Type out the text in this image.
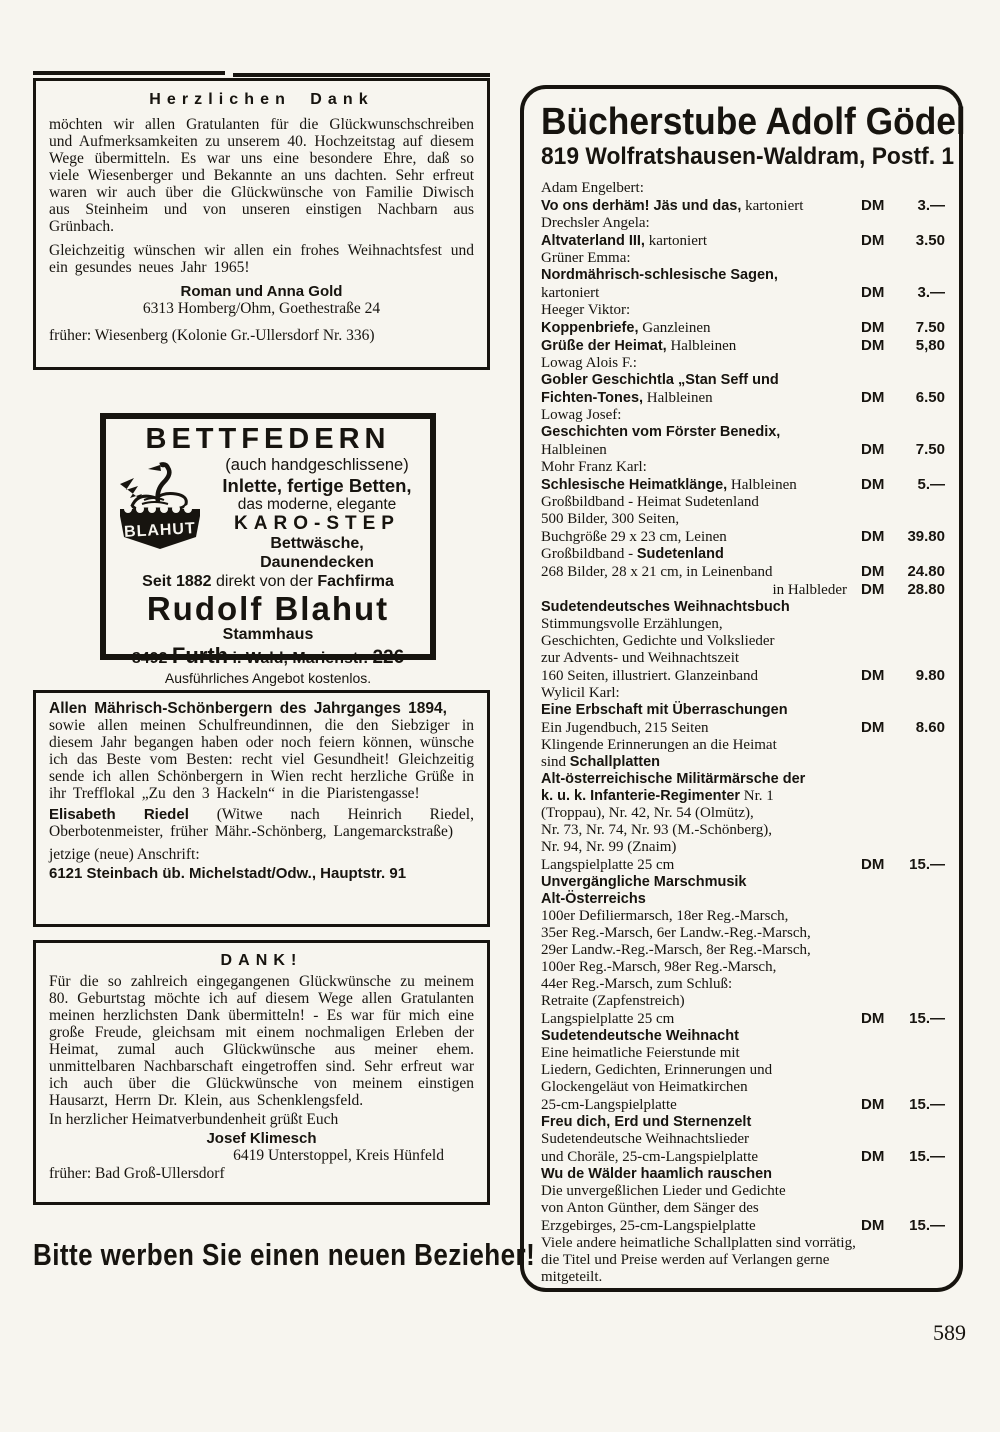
Herzlichen Dank

möchten wir allen Gratulanten für die Glückwunschschreiben und Aufmerksamkeiten zu unserem 40. Hochzeitstag auf diesem Wege übermitteln. Es war uns eine besondere Ehre, daß so viele Wiesenberger und Bekannte an uns dachten. Sehr erfreut waren wir auch über die Glückwünsche von Familie Diwisch aus Steinheim und von unseren einstigen Nachbarn aus Grünbach.

Gleichzeitig wünschen wir allen ein frohes Weihnachtsfest und ein gesundes neues Jahr 1965!

Roman und Anna Gold
6313 Homberg/Ohm, Goethestraße 24
früher: Wiesenberg (Kolonie Gr.-Ullersdorf Nr. 336)
BETTFEDERN
BLAHUT
(auch handgeschlissene)
Inlette, fertige Betten,
das moderne, elegante
KARO-STEP
Bettwäsche, Daunendecken
Seit 1882 direkt von der Fachfirma
Rudolf Blahut
Stammhaus
8492 Furth i. Wald, Marienstr. 226
Ausführliches Angebot kostenlos.

Allen Mährisch-Schönbergern des Jahrganges 1894,
sowie allen meinen Schulfreundinnen, die den Siebziger in diesem Jahr begangen haben oder noch feiern können, wünsche ich das Beste vom Besten: recht viel Gesundheit! Gleichzeitig sende ich allen Schönbergern in Wien recht herzliche Grüße in ihr Trefflokal „Zu den 3 Hackeln“ in die Piaristengasse!

Elisabeth Riedel (Witwe nach Heinrich Riedel, Oberbotenmeister, früher Mähr.-Schönberg, Langemarckstraße)

jetzige (neue) Anschrift:
6121 Steinbach üb. Michelstadt/Odw., Hauptstr. 91
DANK!

Für die so zahlreich eingegangenen Glückwünsche zu meinem 80. Geburtstag möchte ich auf diesem Wege allen Gratulanten meinen herzlichsten Dank übermitteln! - Es war für mich eine große Freude, gleichsam mit einem nochmaligen Erleben der Heimat, zumal auch Glückwünsche aus meiner ehem. unmittelbaren Nachbarschaft eingetroffen sind. Sehr erfreut war ich auch über die Glückwünsche von meinem einstigen Hausarzt, Herrn Dr. Klein, aus Schenklengsfeld.

In herzlicher Heimatverbundenheit grüßt Euch
Josef Klimesch
6419 Unterstoppel, Kreis Hünfeld
früher: Bad Groß-Ullersdorf
Bitte werben Sie einen neuen Bezieher!
Bücherstube Adolf Gödel
819 Wolfratshausen-Waldram, Postf. 1
Adam Engelbert:
Vo ons derhäm! Jäs und das, kartoniert	DM	3.—
Drechsler Angela:
Altvaterland III, kartoniert	DM	3.50
Grüner Emma:
Nordmährisch-schlesische Sagen,
kartoniert	DM	3.—
Heeger Viktor:
Koppenbriefe, Ganzleinen	DM	7.50
Grüße der Heimat, Halbleinen	DM	5,80
Lowag Alois F.:
Gobler Geschichtla „Stan Seff und
Fichten-Tones, Halbleinen	DM	6.50
Lowag Josef:
Geschichten vom Förster Benedix,
Halbleinen	DM	7.50
Mohr Franz Karl:
Schlesische Heimatklänge, Halbleinen	DM	5.—
Großbildband - Heimat Sudetenland
500 Bilder, 300 Seiten,
Buchgröße 29 x 23 cm, Leinen	DM	39.80
Großbildband - Sudetenland
268 Bilder, 28 x 21 cm, in Leinenband	DM	24.80
in Halbleder DM	28.80
Sudetendeutsches Weihnachtsbuch
Stimmungsvolle Erzählungen,
Geschichten, Gedichte und Volkslieder
zur Advents- und Weihnachtszeit
160 Seiten, illustriert. Glanzeinband	DM	9.80
Wylicil Karl:
Eine Erbschaft mit Überraschungen
Ein Jugendbuch, 215 Seiten	DM	8.60
Klingende Erinnerungen an die Heimat
sind Schallplatten
Alt-österreichische Militärmärsche der
k. u. k. Infanterie-Regimenter Nr. 1
(Troppau), Nr. 42, Nr. 54 (Olmütz),
Nr. 73, Nr. 74, Nr. 93 (M.-Schönberg),
Nr. 94, Nr. 99 (Znaim)
Langspielplatte 25 cm	DM	15.—
Unvergängliche Marschmusik
Alt-Österreichs
100er Defiliermarsch, 18er Reg.-Marsch,
35er Reg.-Marsch, 6er Landw.-Reg.-Marsch,
29er Landw.-Reg.-Marsch, 8er Reg.-Marsch,
100er Reg.-Marsch, 98er Reg.-Marsch,
44er Reg.-Marsch, zum Schluß:
Retraite (Zapfenstreich)
Langspielplatte 25 cm	DM	15.—
Sudetendeutsche Weihnacht
Eine heimatliche Feierstunde mit
Liedern, Gedichten, Erinnerungen und
Glockengeläut von Heimatkirchen
25-cm-Langspielplatte	DM	15.—
Freu dich, Erd und Sternenzelt
Sudetendeutsche Weihnachtslieder
und Choräle, 25-cm-Langspielplatte	DM	15.—
Wu de Wälder haamlich rauschen
Die unvergeßlichen Lieder und Gedichte
von Anton Günther, dem Sänger des
Erzgebirges, 25-cm-Langspielplatte	DM	15.—
Viele andere heimatliche Schallplatten sind vorrätig,
die Titel und Preise werden auf Verlangen gerne
mitgeteilt.
589
